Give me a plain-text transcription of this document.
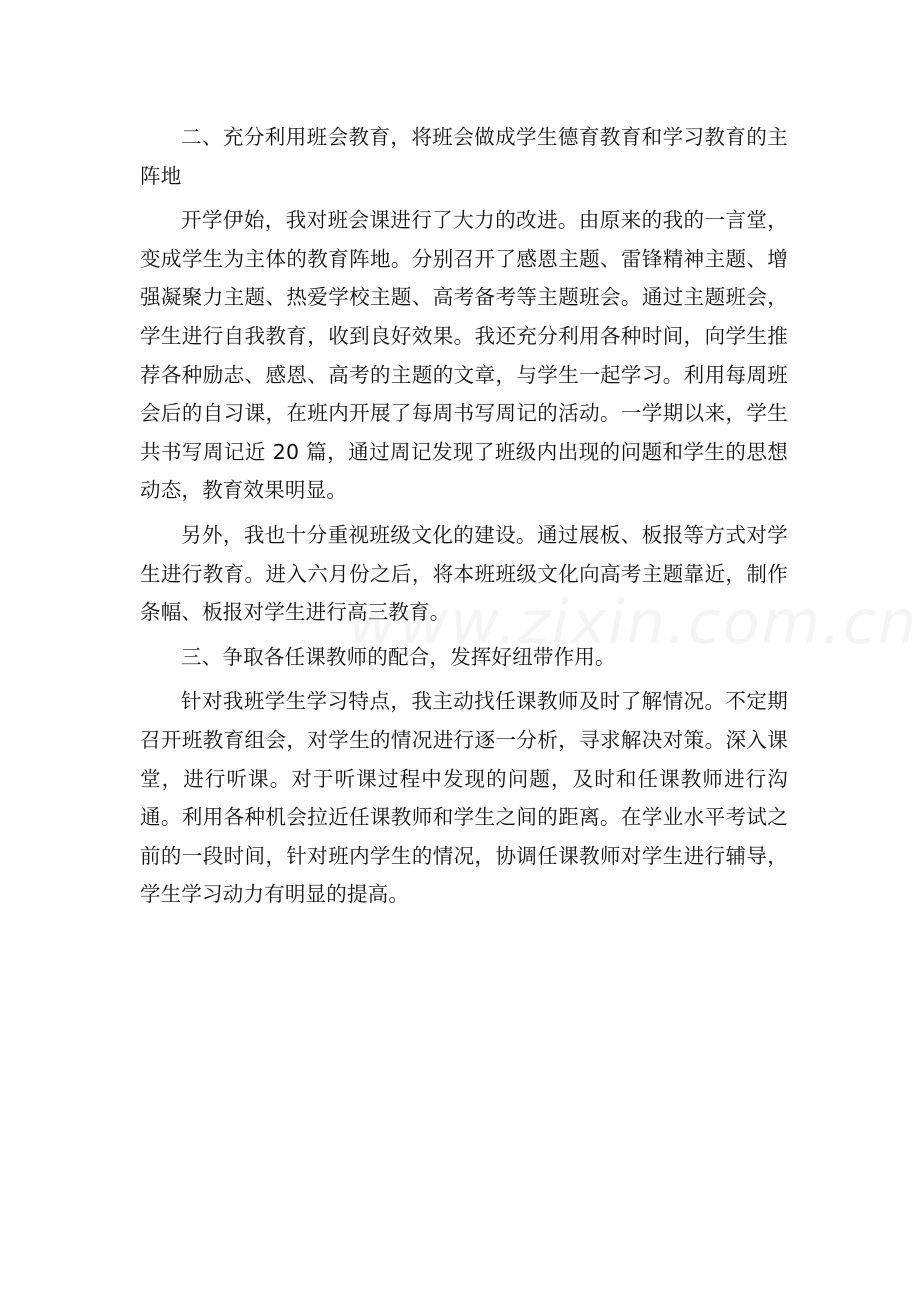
二、充分利用班会教育，将班会做成学生德育教育和学习教育的主阵地

开学伊始，我对班会课进行了大力的改进。由原来的我的一言堂，变成学生为主体的教育阵地。分别召开了感恩主题、雷锋精神主题、增强凝聚力主题、热爱学校主题、高考备考等主题班会。通过主题班会，学生进行自我教育，收到良好效果。我还充分利用各种时间，向学生推荐各种励志、感恩、高考的主题的文章，与学生一起学习。利用每周班会后的自习课，在班内开展了每周书写周记的活动。一学期以来，学生共书写周记近 20 篇，通过周记发现了班级内出现的问题和学生的思想动态，教育效果明显。

另外，我也十分重视班级文化的建设。通过展板、板报等方式对学生进行教育。进入六月份之后，将本班班级文化向高考主题靠近，制作条幅、板报对学生进行高三教育。

三、争取各任课教师的配合，发挥好纽带作用。

针对我班学生学习特点，我主动找任课教师及时了解情况。不定期召开班教育组会，对学生的情况进行逐一分析，寻求解决对策。深入课堂，进行听课。对于听课过程中发现的问题，及时和任课教师进行沟通。利用各种机会拉近任课教师和学生之间的距离。在学业水平考试之前的一段时间，针对班内学生的情况，协调任课教师对学生进行辅导，学生学习动力有明显的提高。
